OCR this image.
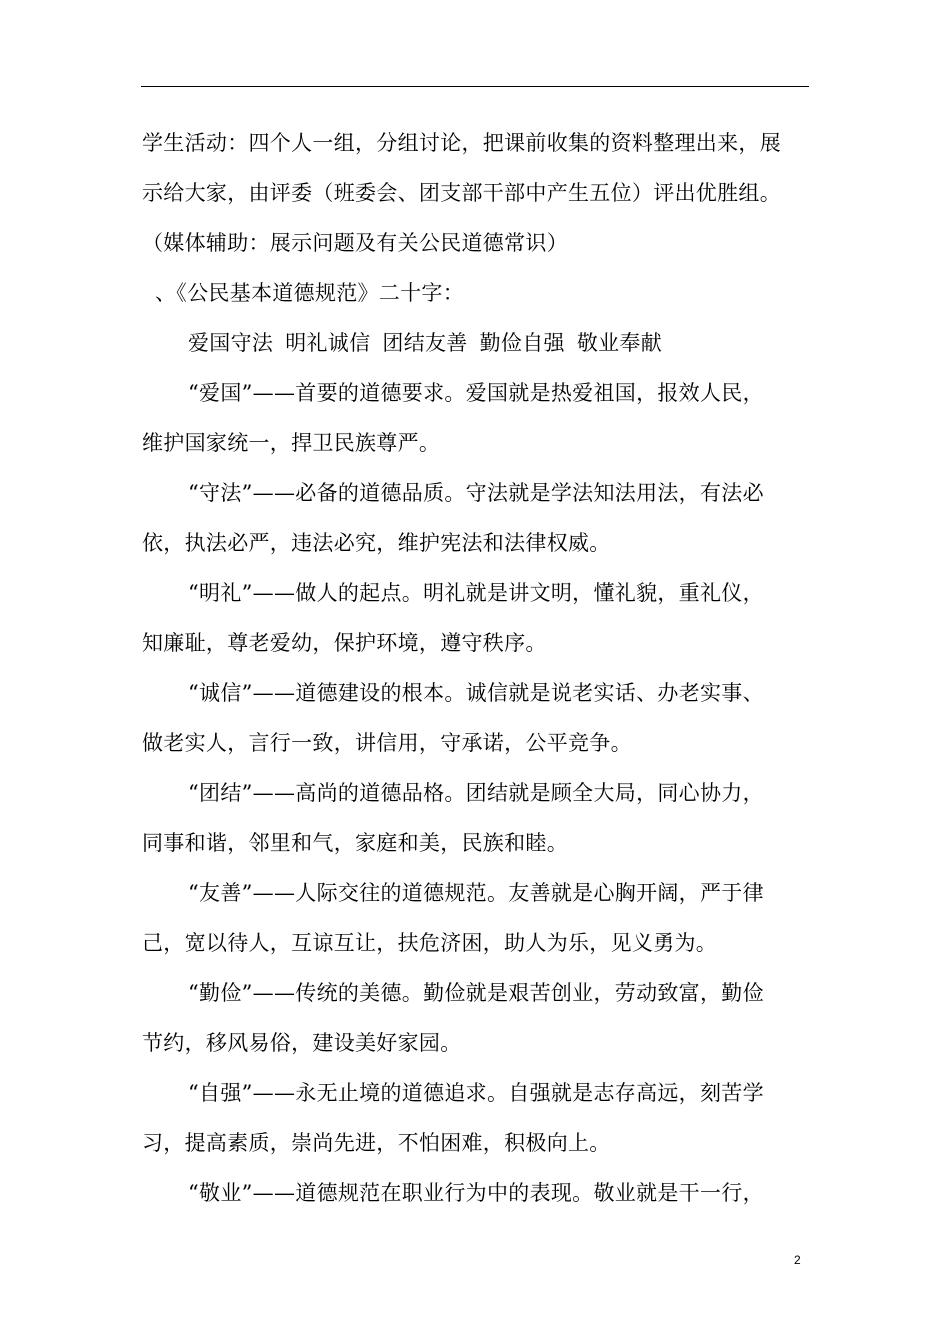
学生活动：四个人一组，分组讨论，把课前收集的资料整理出来，展

示给大家，由评委（班委会、团支部干部中产生五位）评出优胜组。

（媒体辅助：展示问题及有关公民道德常识）

、《公民基本道德规范》二十字：

爱国守法 明礼诚信 团结友善 勤俭自强 敬业奉献

“爱国”——首要的道德要求。爱国就是热爱祖国，报效人民，

维护国家统一，捍卫民族尊严。

“守法”——必备的道德品质。守法就是学法知法用法，有法必

依，执法必严，违法必究，维护宪法和法律权威。

“明礼”——做人的起点。明礼就是讲文明，懂礼貌，重礼仪，

知廉耻，尊老爱幼，保护环境，遵守秩序。

“诚信”——道德建设的根本。诚信就是说老实话、办老实事、

做老实人，言行一致，讲信用，守承诺，公平竞争。

“团结”——高尚的道德品格。团结就是顾全大局，同心协力，

同事和谐，邻里和气，家庭和美，民族和睦。

“友善”——人际交往的道德规范。友善就是心胸开阔，严于律

己，宽以待人，互谅互让，扶危济困，助人为乐，见义勇为。

“勤俭”——传统的美德。勤俭就是艰苦创业，劳动致富，勤俭

节约，移风易俗，建设美好家园。

“自强”——永无止境的道德追求。自强就是志存高远，刻苦学

习，提高素质，崇尚先进，不怕困难，积极向上。

“敬业”——道德规范在职业行为中的表现。敬业就是干一行，

2
